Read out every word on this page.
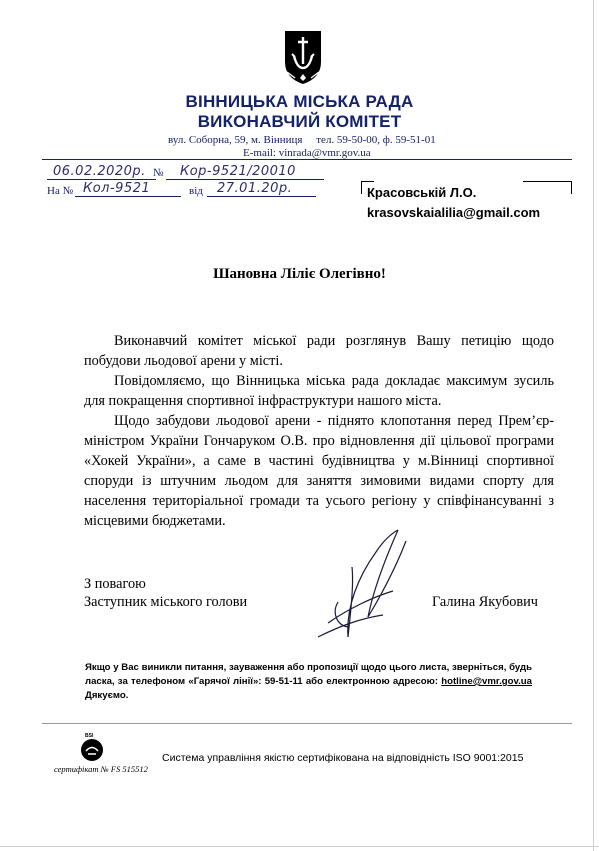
ВІННИЦЬКА МІСЬКА РАДА
ВИКОНАВЧИЙ КОМІТЕТ
вул. Соборна, 59, м. Вінниця тел. 59-50-00, ф. 59-51-01
E-mail: vinrada@vmr.gov.ua
06.02.2020р. №	Кор-9521/20010
На № Кол-9521	від	27.01.20р.	Красовській Л.О.
krasovskaialilia@gmail.com
Шановна Ліліє Олегівно!

Виконавчий комітет міської ради розглянув Вашу петицію щодо побудови льодової арени у місті.

Повідомляємо, що Вінницька міська рада докладає максимум зусиль для покращення спортивної інфраструктури нашого міста.

Щодо забудови льодової арени - піднято клопотання перед Прем’єр-міністром України Гончаруком О.В. про відновлення дії цільової програми «Хокей України», а саме в частині будівництва у м.Вінниці спортивної споруди із штучним льодом для заняття зимовими видами спорту для населення територіальної громади та усього регіону у співфінансуванні з місцевими бюджетами.

З повагою
Заступник міського голови	Галина Якубович
Якщо у Вас виникли питання, зауваження або пропозиції щодо цього листа, зверніться, будь ласка, за телефоном «Гарячої лінії»: 59-51-11 або електронною адресою: hotline@vmr.gov.ua Дякуємо.
BSI
сертифікат № FS 515512
Система управління якістю сертифікована на відповідність ISO 9001:2015
